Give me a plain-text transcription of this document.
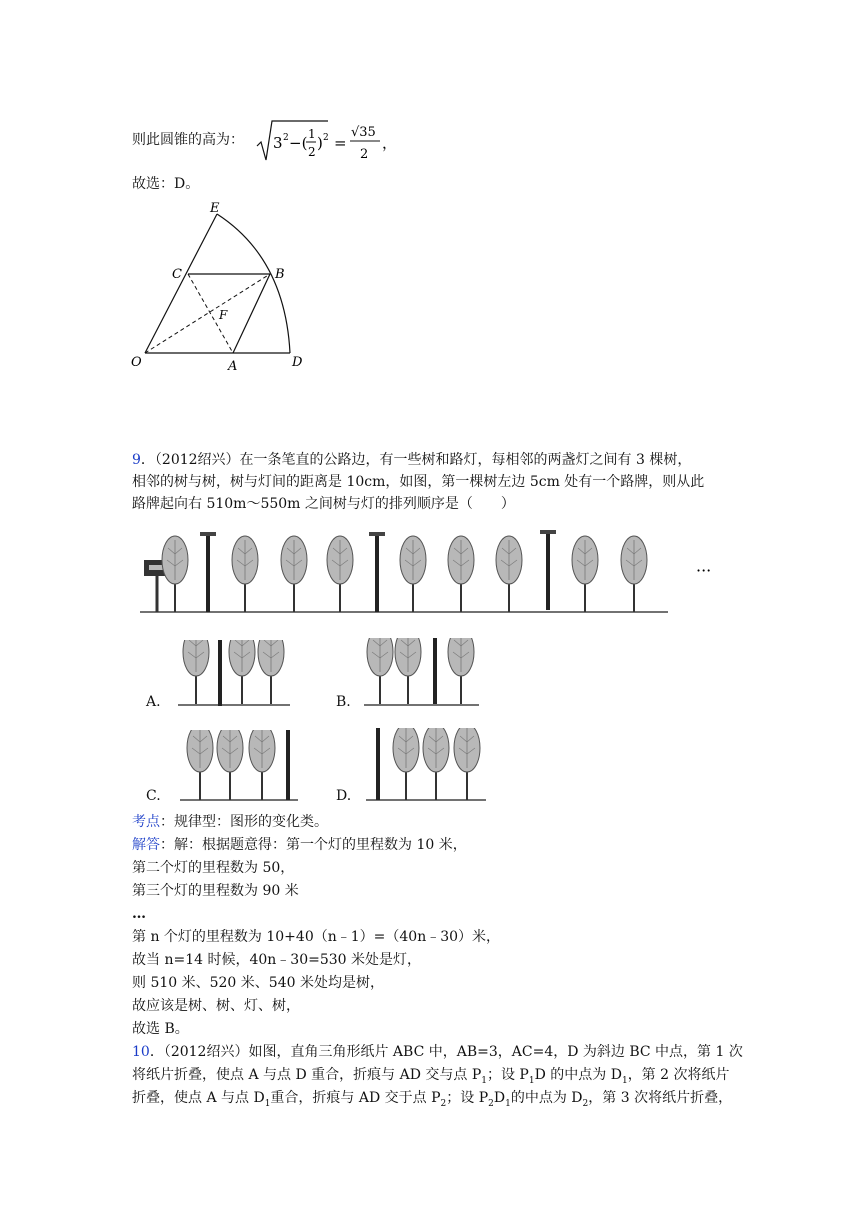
则此圆锥的高为： 3 2 −( 1
2 ) 2 =
√35
2
，
故选：D。
E
C	B
F
O	A	D
9．（2012绍兴）在一条笔直的公路边，有一些树和路灯，每相邻的两盏灯之间有 3 棵树，
相邻的树与树，树与灯间的距离是 10cm，如图，第一棵树左边 5cm 处有一个路牌，则从此
路牌起向右 510m～550m 之间树与灯的排列顺序是（　　）
···
A.	B.
C.	D.
考点：规律型：图形的变化类。
解答：解：根据题意得：第一个灯的里程数为 10 米，
第二个灯的里程数为 50，
第三个灯的里程数为 90 米
…
第 n 个灯的里程数为 10+40（n﹣1）=（40n﹣30）米，
故当 n=14 时候，40n﹣30=530 米处是灯，
则 510 米、520 米、540 米处均是树，
故应该是树、树、灯、树，
故选 B。
10．（2012绍兴）如图，直角三角形纸片 ABC 中，AB=3，AC=4，D 为斜边 BC 中点，第 1 次
将纸片折叠，使点 A 与点 D 重合，折痕与 AD 交与点 $P_1$；设 $P_1D$ 的中点为 $D_1$，第 2 次将纸片
折叠，使点 A 与点 $D_1$重合，折痕与 AD 交于点 $P_2$；设 $P_2D_1$的中点为 $D_2$，第 3 次将纸片折叠，
